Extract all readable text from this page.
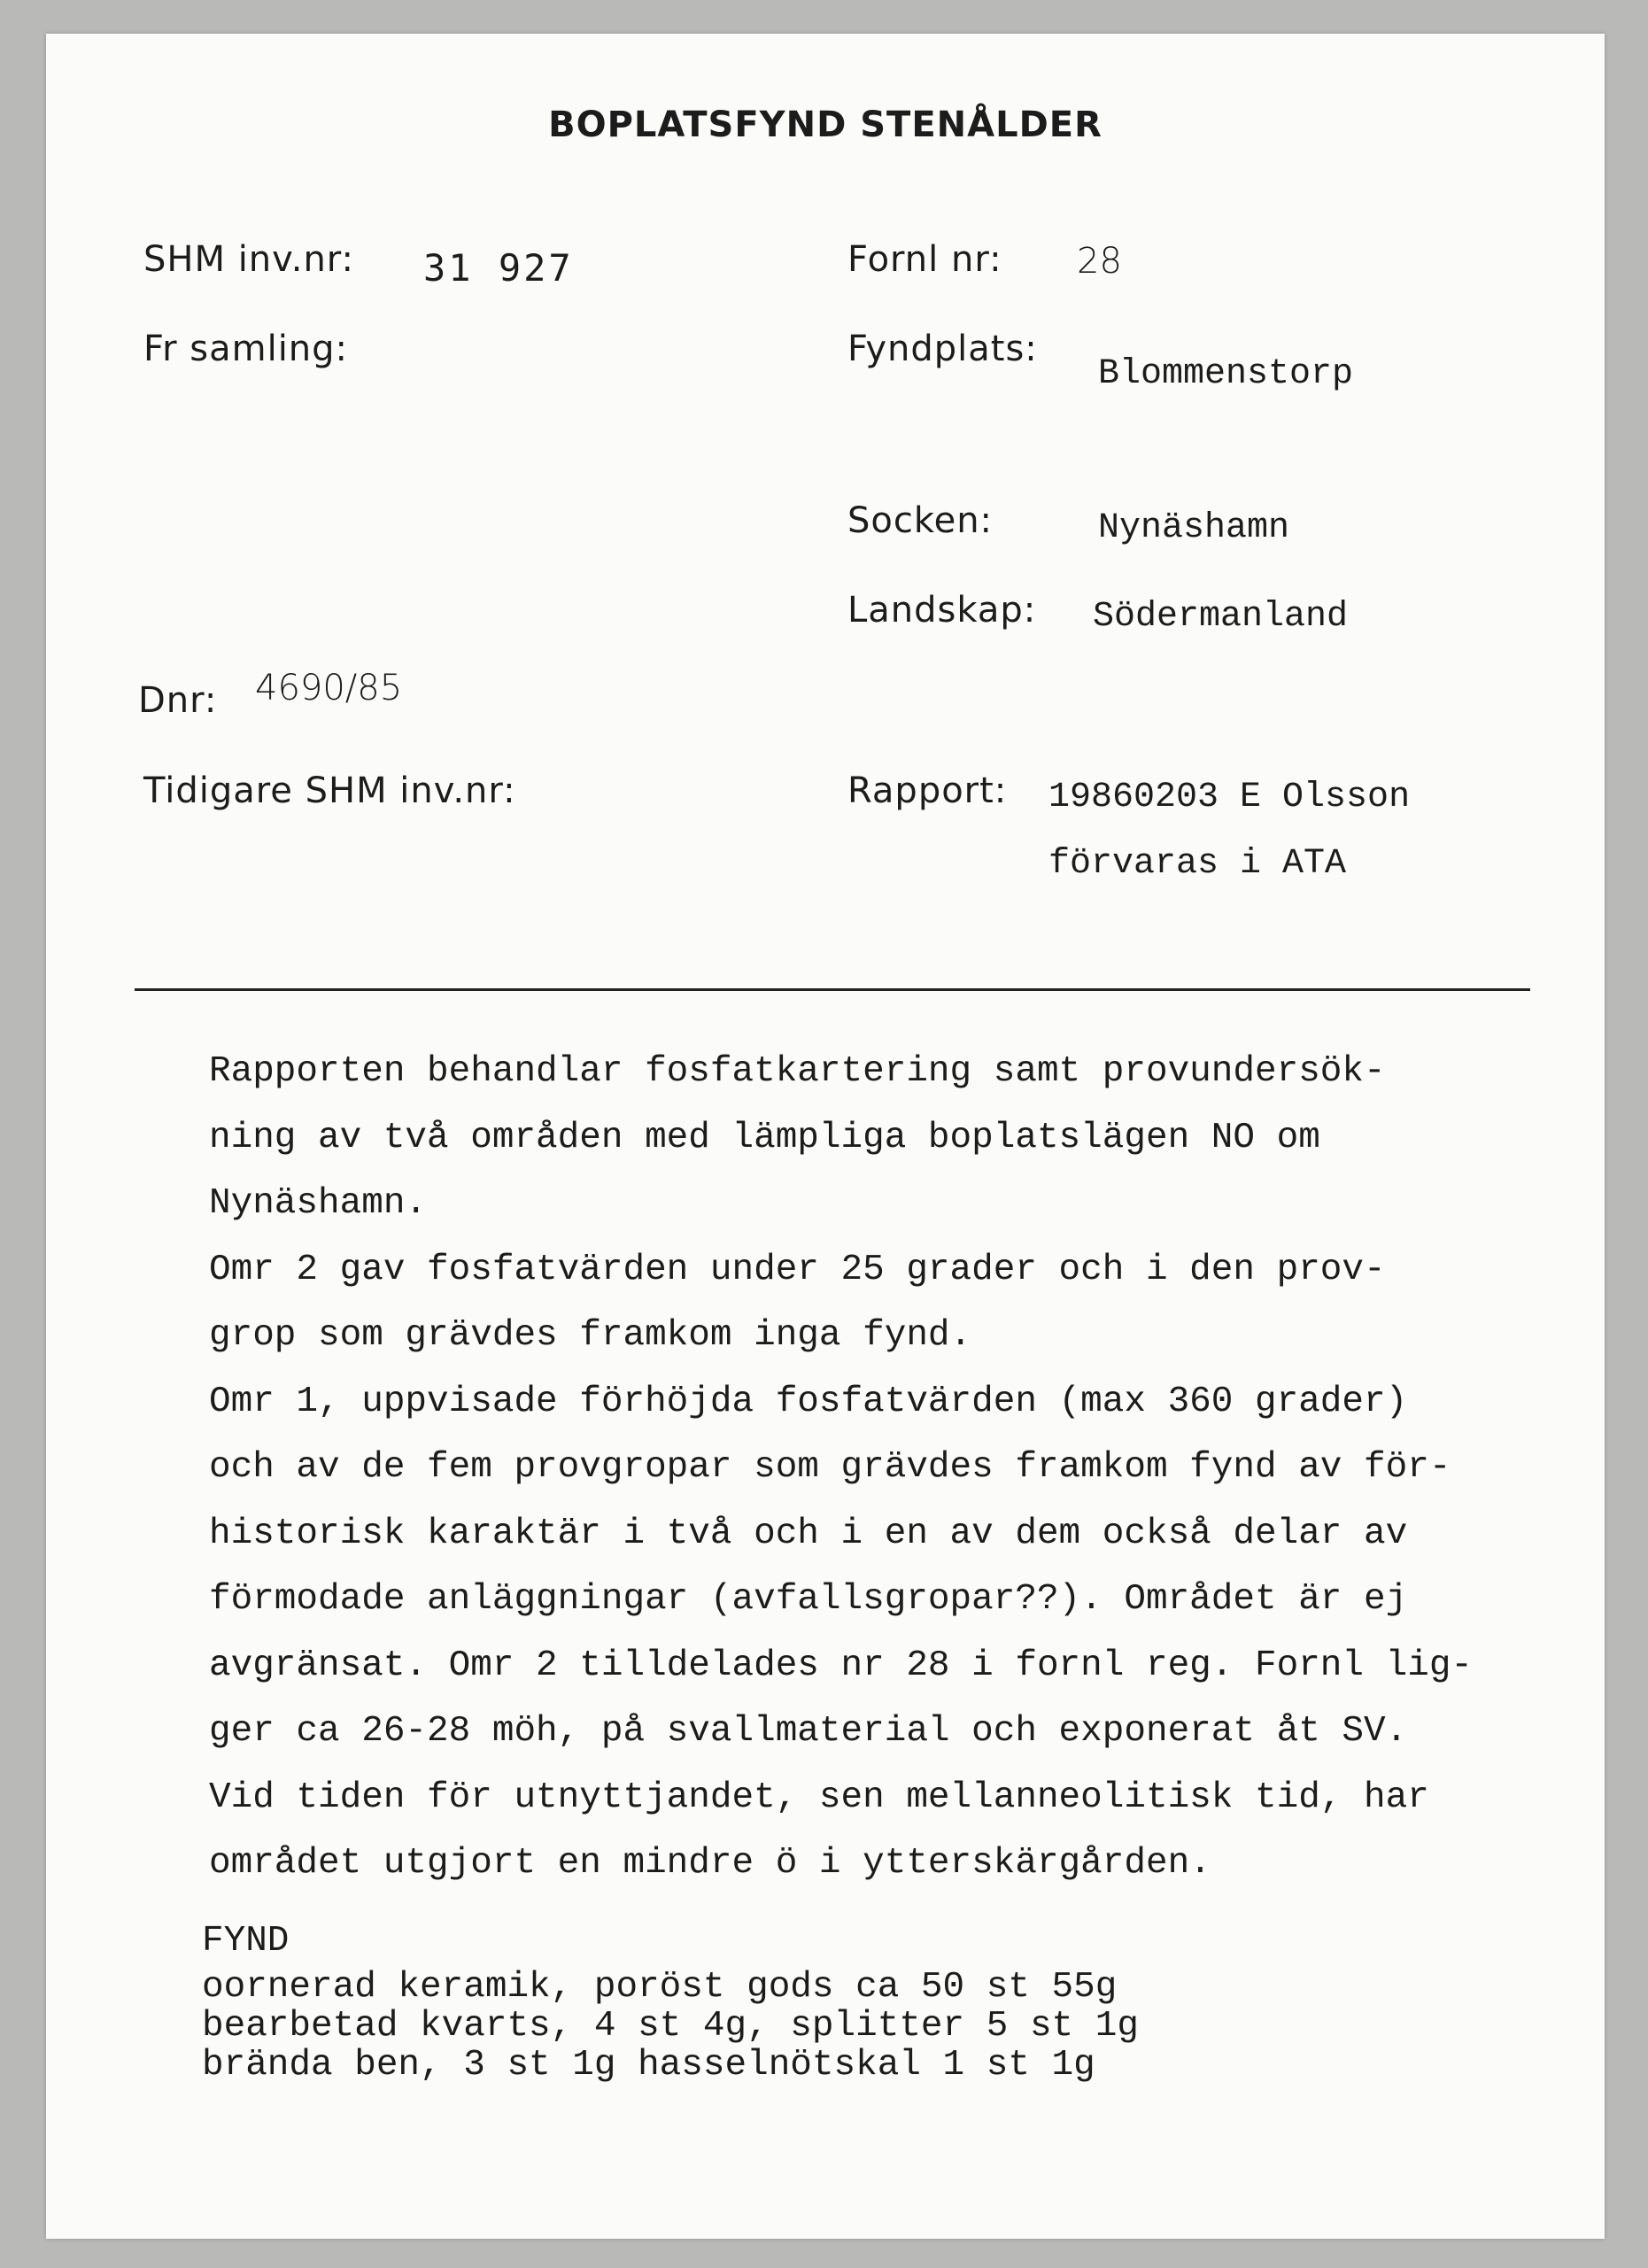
BOPLATSFYND STENÅLDER
SHM inv.nr: 31 927
Fr samling:
Dnr: 4690/85
Tidigare SHM inv.nr:
Fornl nr: 28
Fyndplats:
Blommenstorp
Socken:	Nynäshamn
Landskap: Södermanland
Rapport: 19860203 E Olsson
förvaras i ATA
Rapporten behandlar fosfatkartering samt provundersök-
ning av två områden med lämpliga boplatslägen NO om
Nynäshamn.
Omr 2 gav fosfatvärden under 25 grader och i den prov-
grop som grävdes framkom inga fynd.
Omr 1, uppvisade förhöjda fosfatvärden (max 360 grader)
och av de fem provgropar som grävdes framkom fynd av för-
historisk karaktär i två och i en av dem också delar av
förmodade anläggningar (avfallsgropar??). Området är ej
avgränsat. Omr 2 tilldelades nr 28 i fornl reg. Fornl lig-
ger ca 26-28 möh, på svallmaterial och exponerat åt SV.
Vid tiden för utnyttjandet, sen mellanneolitisk tid, har
området utgjort en mindre ö i ytterskärgården.
FYND
oornerad keramik, poröst gods ca 50 st 55g
bearbetad kvarts, 4 st 4g, splitter 5 st 1g
brända ben, 3 st 1g hasselnötskal 1 st 1g
